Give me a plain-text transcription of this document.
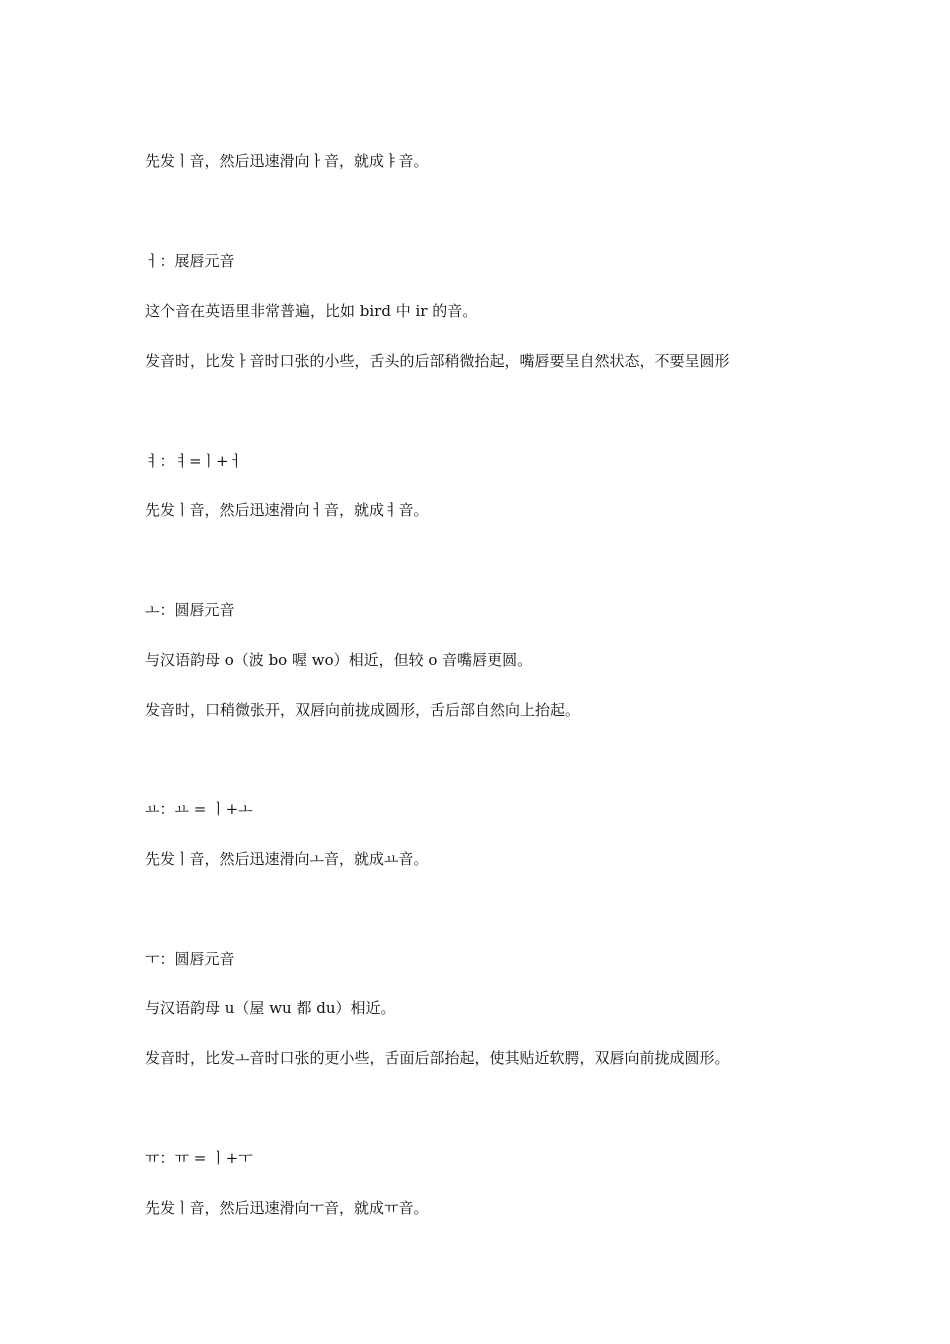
先发ㅣ音，然后迅速滑向ㅏ音，就成ㅑ音。

ㅓ：展唇元音

这个音在英语里非常普遍，比如 bird 中 ir 的音。

发音时，比发ㅏ音时口张的小些，舌头的后部稍微抬起，嘴唇要呈自然状态，不要呈圆形

ㅕ：ㅕ=ㅣ+ㅓ

先发ㅣ音，然后迅速滑向ㅓ音，就成ㅕ音。

ㅗ：圆唇元音

与汉语韵母 o（波 bo 喔 wo）相近，但较 o 音嘴唇更圆。

发音时，口稍微张开，双唇向前拢成圆形，舌后部自然向上抬起。

ㅛ：ㅛ = ㅣ+ㅗ

先发ㅣ音，然后迅速滑向ㅗ音，就成ㅛ音。

ㅜ：圆唇元音

与汉语韵母 u（屋 wu 都 du）相近。

发音时，比发ㅗ音时口张的更小些，舌面后部抬起，使其贴近软腭，双唇向前拢成圆形。

ㅠ：ㅠ = ㅣ+ㅜ

先发ㅣ音，然后迅速滑向ㅜ音，就成ㅠ音。
